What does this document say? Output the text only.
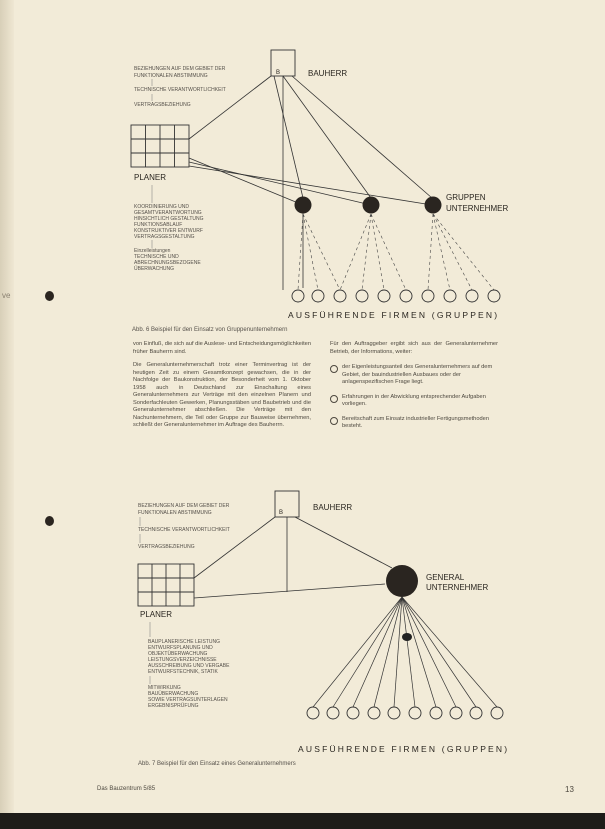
ve
BEZIEHUNGEN AUF DEM GEBIET DER
FUNKTIONALEN ABSTIMMUNG
TECHNISCHE VERANTWORTLICHKEIT
VERTRAGSBEZIEHUNG
B	BAUHERR
PLANER
GRUPPEN
UNTERNEHMER
AUSFÜHRENDE FIRMEN (GRUPPEN)
KOORDINIERUNG UND
GESAMTVERANTWORTUNG
HINSICHTLICH GESTALTUNG
FUNKTIONSABLAUF
KONSTRUKTIVER ENTWURF
VERTRAGSGESTALTUNG
Einzelleistungen
TECHNISCHE UND
ABRECHNUNGSBEZOGENE
ÜBERWACHUNG
Abb. 6 Beispiel für den Einsatz von Gruppenunternehmern

von Einfluß, die sich auf die Auslese- und Entscheidungsmöglichkeiten früher Bauherrn sind.

Die Generalunternehmerschaft trotz einer Terminvertrag ist der heutigen Zeit zu einem Gesamtkonzept gewachsen, die in der Nachfolge der Baukonstruktion, der Besonderheit vom 1. Oktober 1958 auch in Deutschland zur Einschaltung eines Generalunternehmers zur Verträge mit den einzelnen Planern und Sonderfachleuten Gewerken, Planungsstäben und Baubetrieb und die Generalunternehmer abschließen. Die Verträge mit den Nachunternehmern, die Teil oder Gruppe zur Bauweise übernehmen, schließt der Generalunternehmer im Auftrage des Bauherrn.

Für den Auftraggeber ergibt sich aus der Generalunternehmer Betrieb, der Informations, weiter:
der Eigenleistungsanteil des Generalunternehmers auf dem Gebiet, der bauindustriellen Ausbaues oder der anlagenspezifischen Frage liegt.
Erfahrungen in der Abwicklung entsprechender Aufgaben vorliegen.
Bereitschaft zum Einsatz industrieller Fertigungsmethoden besteht.
BEZIEHUNGEN AUF DEM GEBIET DER
FUNKTIONALEN ABSTIMMUNG
TECHNISCHE VERANTWORTLICHKEIT
VERTRAGSBEZIEHUNG
B
BAUHERR
PLANER
GENERAL
UNTERNEHMER
AUSFÜHRENDE FIRMEN (GRUPPEN)
BAUPLANERISCHE LEISTUNG
ENTWURFSPLANUNG UND
OBJEKTÜBERWACHUNG
LEISTUNGSVERZEICHNISSE
AUSSCHREIBUNG UND VERGABE
ENTWURFSTECHNIK, STATIK
MITWIRKUNG
BAUÜBERWACHUNG
SOWIE VERTRAGSUNTERLAGEN
ERGEBNISPRÜFUNG
Abb. 7 Beispiel für den Einsatz eines Generalunternehmers
Das Bauzentrum 5/85	13
